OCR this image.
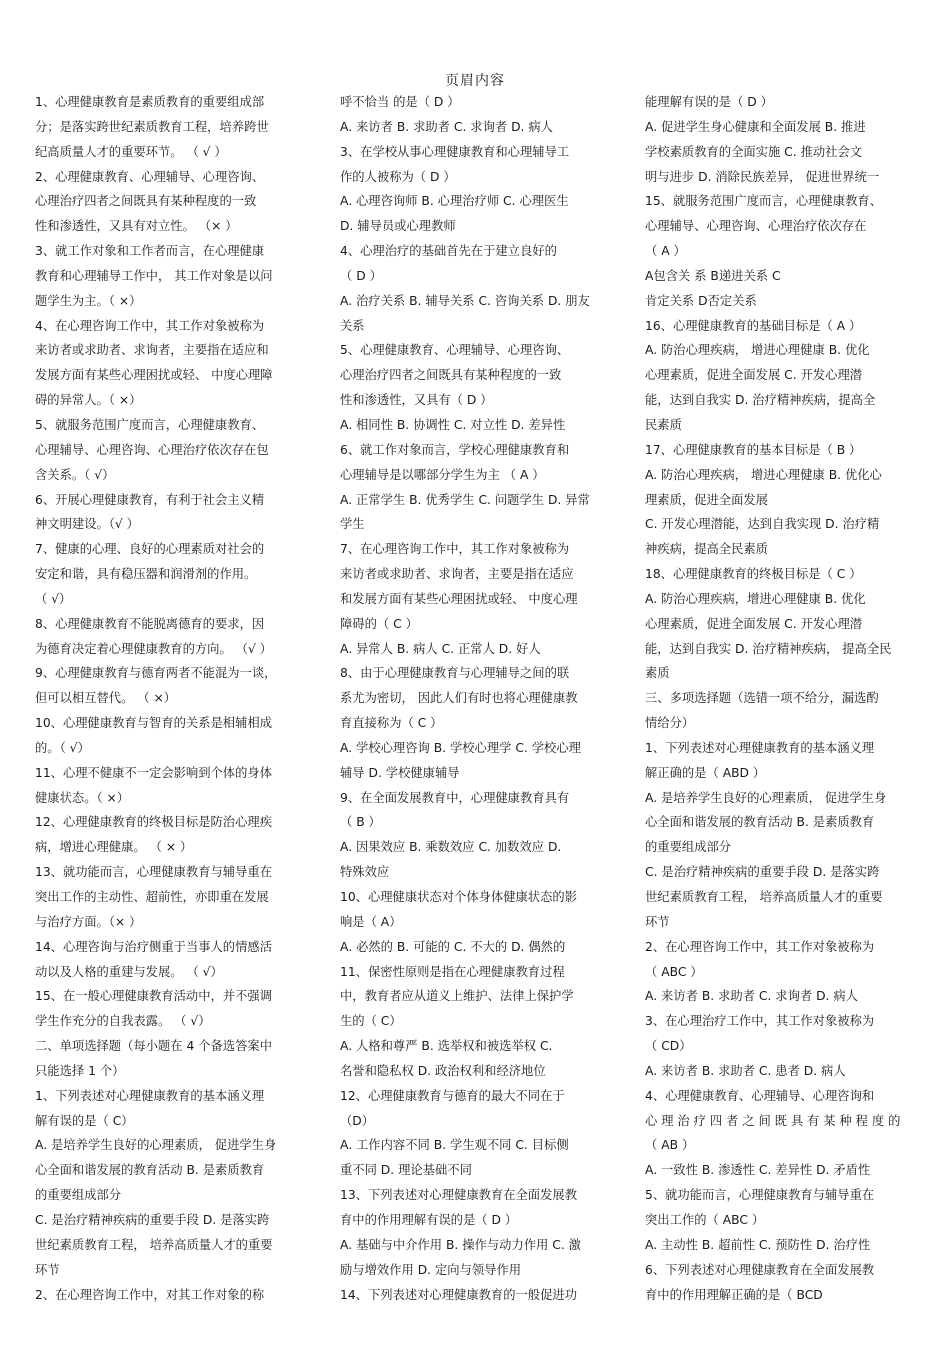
页眉内容
1、心理健康教育是素质教育的重要组成部
分；是落实跨世纪素质教育工程，培养跨世
纪高质量人才的重要环节。 （ √ ）
2、心理健康教育、心理辅导、心理咨询、
心理治疗四者之间既具有某种程度的一致
性和渗透性，又具有对立性。 （× ）
3、就工作对象和工作者而言，在心理健康
教育和心理辅导工作中， 其工作对象是以问
题学生为主。（ ×）
4、在心理咨询工作中，其工作对象被称为
来访者或求助者、求询者，主要指在适应和
发展方面有某些心理困扰或轻、 中度心理障
碍的异常人。（ ×）
5、就服务范围广度而言，心理健康教育、
心理辅导、心理咨询、心理治疗依次存在包
含关系。（ √）
6、开展心理健康教育，有利于社会主义精
神文明建设。（√ ）
7、健康的心理、良好的心理素质对社会的
安定和谐，具有稳压器和润滑剂的作用。
（ √）
8、心理健康教育不能脱离德育的要求，因
为德育决定着心理健康教育的方向。 （√ ）
9、心理健康教育与德育两者不能混为一谈，
但可以相互替代。 （ ×）
10、心理健康教育与智育的关系是相辅相成
的。（ √）
11、心理不健康不一定会影响到个体的身体
健康状态。（ ×）
12、心理健康教育的终极目标是防治心理疾
病，增进心理健康。 （ × ）
13、就功能而言，心理健康教育与辅导重在
突出工作的主动性、超前性，亦即重在发展
与治疗方面。（× ）
14、心理咨询与治疗侧重于当事人的情感活
动以及人格的重建与发展。 （ √）
15、在一般心理健康教育活动中，并不强调
学生作充分的自我表露。 （ √）
二、单项选择题（每小题在 4 个备选答案中
只能选择 1 个）
1、下列表述对心理健康教育的基本涵义理
解有误的是（ C）
A. 是培养学生良好的心理素质， 促进学生身
心全面和谐发展的教育活动 B. 是素质教育
的重要组成部分
C. 是治疗精神疾病的重要手段 D. 是落实跨
世纪素质教育工程， 培养高质量人才的重要
环节
2、在心理咨询工作中，对其工作对象的称
呼不恰当 的是（ D ）
A. 来访者 B. 求助者 C. 求询者 D. 病人
3、在学校从事心理健康教育和心理辅导工
作的人被称为（ D ）
A. 心理咨询师 B. 心理治疗师 C. 心理医生
D. 辅导员或心理教师
4、心理治疗的基础首先在于建立良好的
（ D ）
A. 治疗关系 B. 辅导关系 C. 咨询关系 D. 朋友
关系
5、心理健康教育、心理辅导、心理咨询、
心理治疗四者之间既具有某种程度的一致
性和渗透性，又具有（ D ）
A. 相同性 B. 协调性 C. 对立性 D. 差异性
6、就工作对象而言，学校心理健康教育和
心理辅导是以哪部分学生为主 （ A ）
A. 正常学生 B. 优秀学生 C. 问题学生 D. 异常
学生
7、在心理咨询工作中，其工作对象被称为
来访者或求助者、求询者，主要是指在适应
和发展方面有某些心理困扰或轻、 中度心理
障碍的（ C ）
A. 异常人 B. 病人 C. 正常人 D. 好人
8、由于心理健康教育与心理辅导之间的联
系尤为密切， 因此人们有时也将心理健康教
育直接称为（ C ）
A. 学校心理咨询 B. 学校心理学 C. 学校心理
辅导 D. 学校健康辅导
9、在全面发展教育中，心理健康教育具有
（ B ）
A. 因果效应 B. 乘数效应 C. 加数效应 D.
特殊效应
10、心理健康状态对个体身体健康状态的影
响是（ A）
A. 必然的 B. 可能的 C. 不大的 D. 偶然的
11、保密性原则是指在心理健康教育过程
中，教育者应从道义上维护、法律上保护学
生的（ C）
A. 人格和尊严 B. 选举权和被选举权 C.
名誉和隐私权 D. 政治权利和经济地位
12、心理健康教育与德育的最大不同在于
（D）
A. 工作内容不同 B. 学生观不同 C. 目标侧
重不同 D. 理论基础不同
13、下列表述对心理健康教育在全面发展教
育中的作用理解有误的是（ D ）
A. 基础与中介作用 B. 操作与动力作用 C. 激
励与增效作用 D. 定向与领导作用
14、下列表述对心理健康教育的一般促进功
能理解有误的是（ D ）
A. 促进学生身心健康和全面发展 B. 推进
学校素质教育的全面实施 C. 推动社会文
明与进步 D. 消除民族差异， 促进世界统一
15、就服务范围广度而言，心理健康教育、
心理辅导、心理咨询、心理治疗依次存在
（ A ）
A包含关 系 B递进关系 C
肯定关系 D否定关系
16、心理健康教育的基础目标是（ A ）
A. 防治心理疾病， 增进心理健康 B. 优化
心理素质，促进全面发展 C. 开发心理潜
能，达到自我实 D. 治疗精神疾病，提高全
民素质
17、心理健康教育的基本目标是（ B ）
A. 防治心理疾病， 增进心理健康 B. 优化心
理素质，促进全面发展
C. 开发心理潜能，达到自我实现 D. 治疗精
神疾病，提高全民素质
18、心理健康教育的终极目标是（ C ）
A. 防治心理疾病，增进心理健康 B. 优化
心理素质，促进全面发展 C. 开发心理潜
能，达到自我实 D. 治疗精神疾病， 提高全民
素质
三、多项选择题（选错一项不给分，漏选酌
情给分）
1、下列表述对心理健康教育的基本涵义理
解正确的是（ ABD ）
A. 是培养学生良好的心理素质， 促进学生身
心全面和谐发展的教育活动 B. 是素质教育
的重要组成部分
C. 是治疗精神疾病的重要手段 D. 是落实跨
世纪素质教育工程， 培养高质量人才的重要
环节
2、在心理咨询工作中，其工作对象被称为
（ ABC ）
A. 来访者 B. 求助者 C. 求询者 D. 病人
3、在心理治疗工作中，其工作对象被称为
（ CD）
A. 来访者 B. 求助者 C. 患者 D. 病人
4、心理健康教育、心理辅导、心理咨询和
心 理 治 疗 四 者 之 间 既 具 有 某 种 程 度 的
（ AB ）
A. 一致性 B. 渗透性 C. 差异性 D. 矛盾性
5、就功能而言，心理健康教育与辅导重在
突出工作的（ ABC ）
A. 主动性 B. 超前性 C. 预防性 D. 治疗性
6、下列表述对心理健康教育在全面发展教
育中的作用理解正确的是（ BCD
